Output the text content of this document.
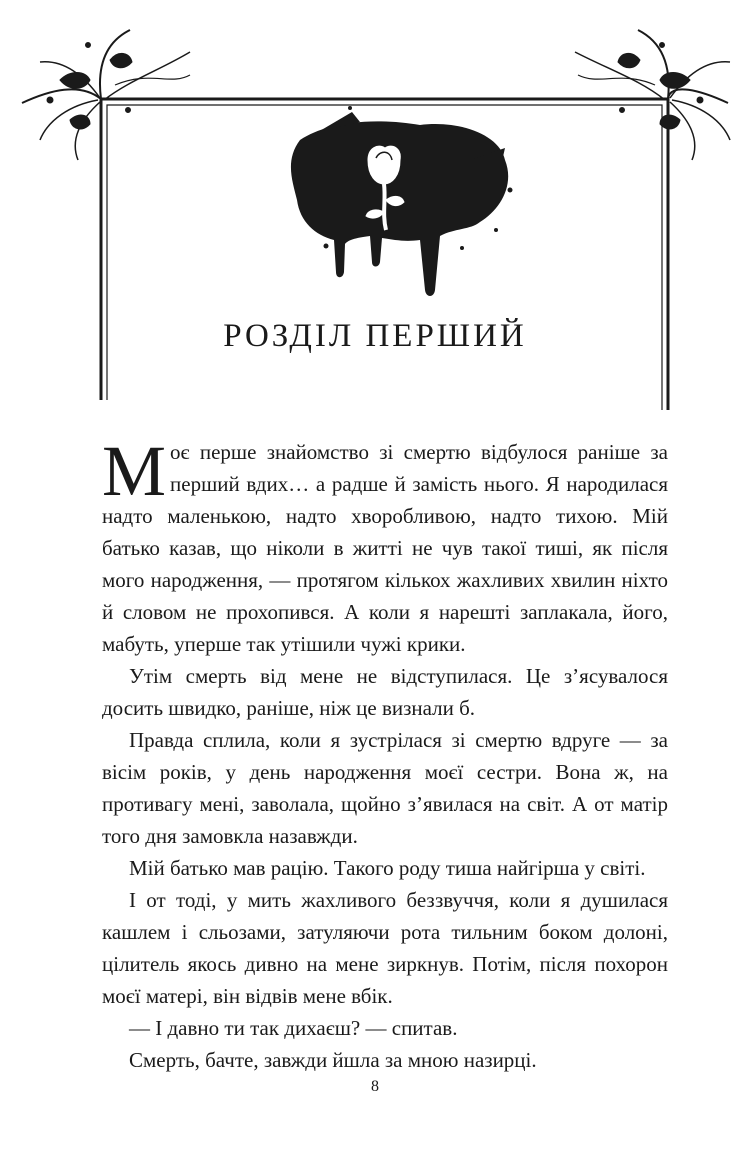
РОЗДІЛ ПЕРШИЙ

Моє перше знайомство зі смертю відбулося раніше за перший вдих… а радше й замість нього. Я народилася надто маленькою, надто хворобливою, надто тихою. Мій батько казав, що ніколи в житті не чув такої тиші, як після мого народження, — протягом кількох жахливих хвилин ніхто й словом не прохопився. А коли я нарешті заплакала, його, мабуть, уперше так утішили чужі крики.

Утім смерть від мене не відступилася. Це з’ясувалося досить швидко, раніше, ніж це визнали б.

Правда сплила, коли я зустрілася зі смертю вдруге — за вісім років, у день народження моєї сестри. Вона ж, на противагу мені, заволала, щойно з’явилася на світ. А от матір того дня замовкла назавжди.

Мій батько мав рацію. Такого роду тиша найгірша у світі.

І от тоді, у мить жахливого беззвуччя, коли я душилася кашлем і сльозами, затуляючи рота тильним боком долоні, цілитель якось дивно на мене зиркнув. Потім, після похорон моєї матері, він відвів мене вбік.

— І давно ти так дихаєш? — спитав.

Смерть, бачте, завжди йшла за мною назирці.

8
